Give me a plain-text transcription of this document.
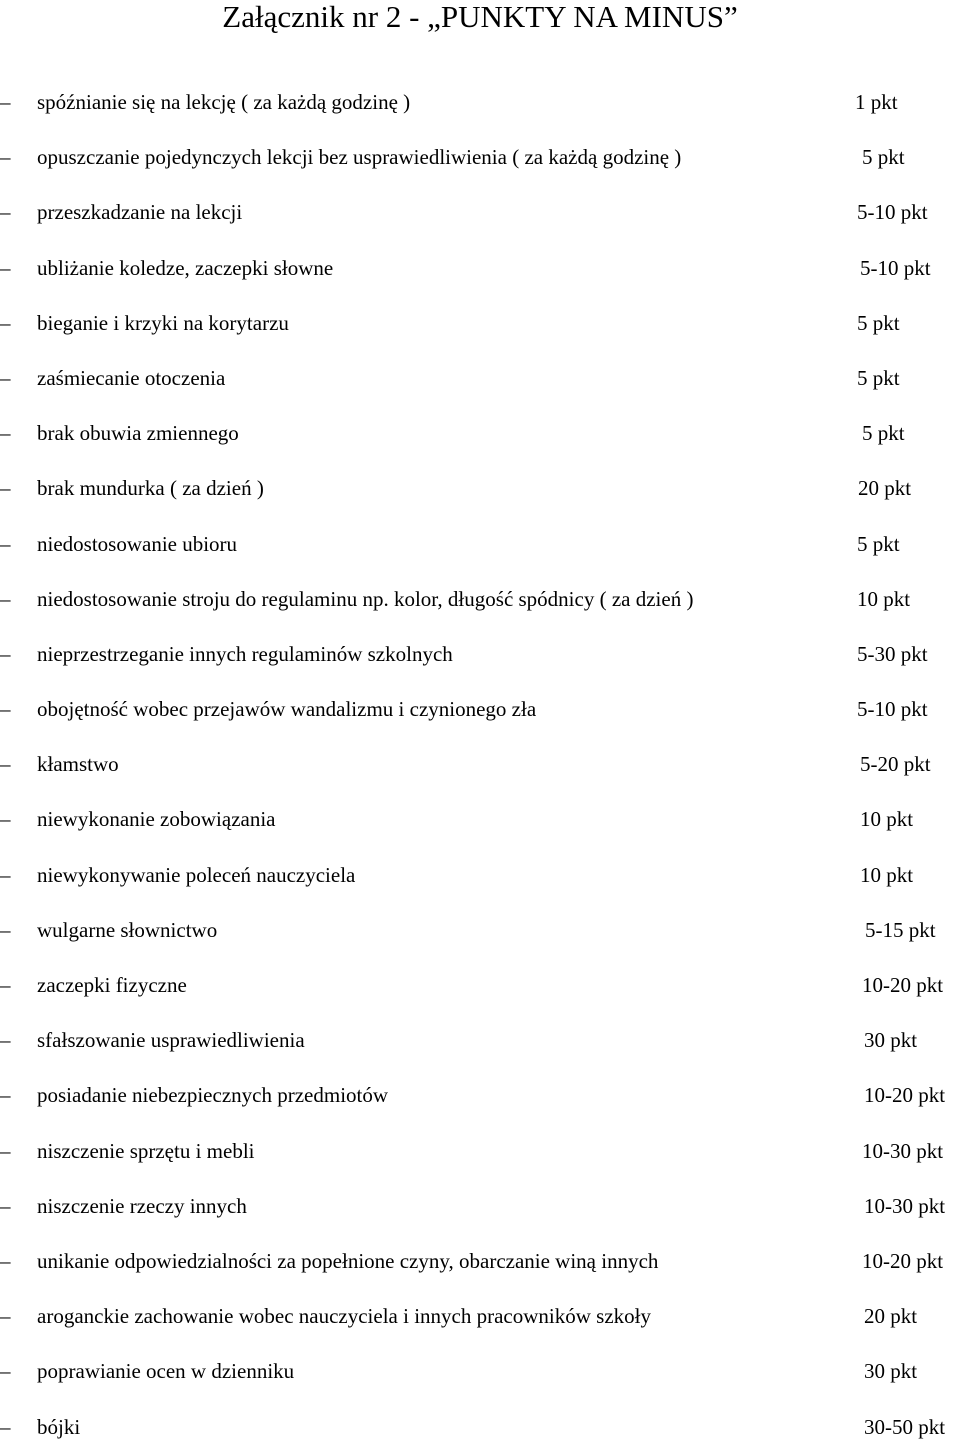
Załącznik nr 2 - „PUNKTY NA MINUS”
– spóźnianie się na lekcję ( za każdą godzinę )	1 pkt
– opuszczanie pojedynczych lekcji bez usprawiedliwienia ( za każdą godzinę )	5 pkt
– przeszkadzanie na lekcji	5-10 pkt
– ubliżanie koledze, zaczepki słowne	5-10 pkt
– bieganie i krzyki na korytarzu	5 pkt
– zaśmiecanie otoczenia	5 pkt
– brak obuwia zmiennego	5 pkt
– brak mundurka ( za dzień )	20 pkt
– niedostosowanie ubioru	5 pkt
– niedostosowanie stroju do regulaminu np. kolor, długość spódnicy ( za dzień )	10 pkt
– nieprzestrzeganie innych regulaminów szkolnych	5-30 pkt
– obojętność wobec przejawów wandalizmu i czynionego zła	5-10 pkt
– kłamstwo	5-20 pkt
– niewykonanie zobowiązania	10 pkt
– niewykonywanie poleceń nauczyciela	10 pkt
– wulgarne słownictwo	5-15 pkt
– zaczepki fizyczne	10-20 pkt
– sfałszowanie usprawiedliwienia	30 pkt
– posiadanie niebezpiecznych przedmiotów	10-20 pkt
– niszczenie sprzętu i mebli	10-30 pkt
– niszczenie rzeczy innych	10-30 pkt
– unikanie odpowiedzialności za popełnione czyny, obarczanie winą innych	10-20 pkt
– aroganckie zachowanie wobec nauczyciela i innych pracowników szkoły	20 pkt
– poprawianie ocen w dzienniku	30 pkt
– bójki	30-50 pkt
